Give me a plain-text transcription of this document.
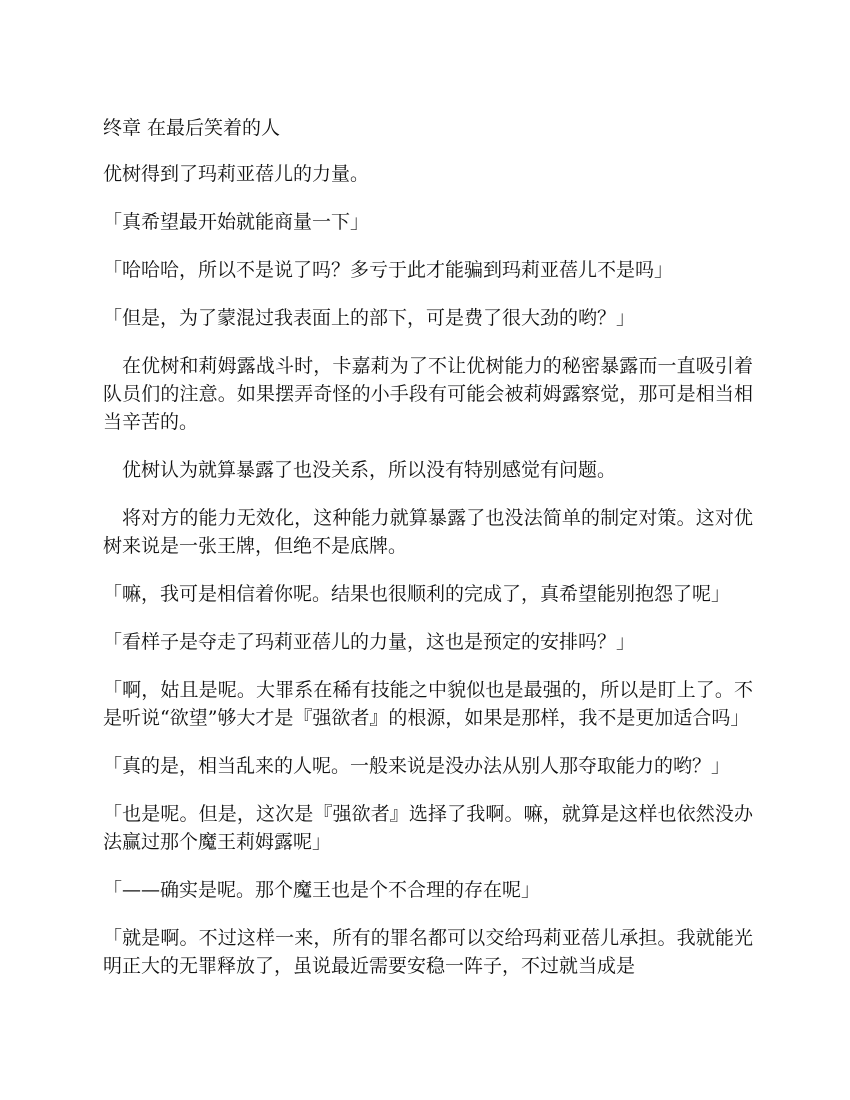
终章 在最后笑着的人

优树得到了玛莉亚蓓儿的力量。

「真希望最开始就能商量一下」

「哈哈哈，所以不是说了吗？多亏于此才能骗到玛莉亚蓓儿不是吗」

「但是，为了蒙混过我表面上的部下，可是费了很大劲的哟？」

在优树和莉姆露战斗时，卡嘉莉为了不让优树能力的秘密暴露而一直吸引着队员们的注意。如果摆弄奇怪的小手段有可能会被莉姆露察觉，那可是相当相当辛苦的。

优树认为就算暴露了也没关系，所以没有特别感觉有问题。

将对方的能力无效化，这种能力就算暴露了也没法简单的制定对策。这对优树来说是一张王牌，但绝不是底牌。

「嘛，我可是相信着你呢。结果也很顺利的完成了，真希望能别抱怨了呢」

「看样子是夺走了玛莉亚蓓儿的力量，这也是预定的安排吗？」

「啊，姑且是呢。大罪系在稀有技能之中貌似也是最强的，所以是盯上了。不是听说“欲望”够大才是『强欲者』的根源，如果是那样，我不是更加适合吗」

「真的是，相当乱来的人呢。一般来说是没办法从别人那夺取能力的哟？」

「也是呢。但是，这次是『强欲者』选择了我啊。嘛，就算是这样也依然没办法赢过那个魔王莉姆露呢」

「——确实是呢。那个魔王也是个不合理的存在呢」

「就是啊。不过这样一来，所有的罪名都可以交给玛莉亚蓓儿承担。我就能光明正大的无罪释放了，虽说最近需要安稳一阵子，不过就当成是
